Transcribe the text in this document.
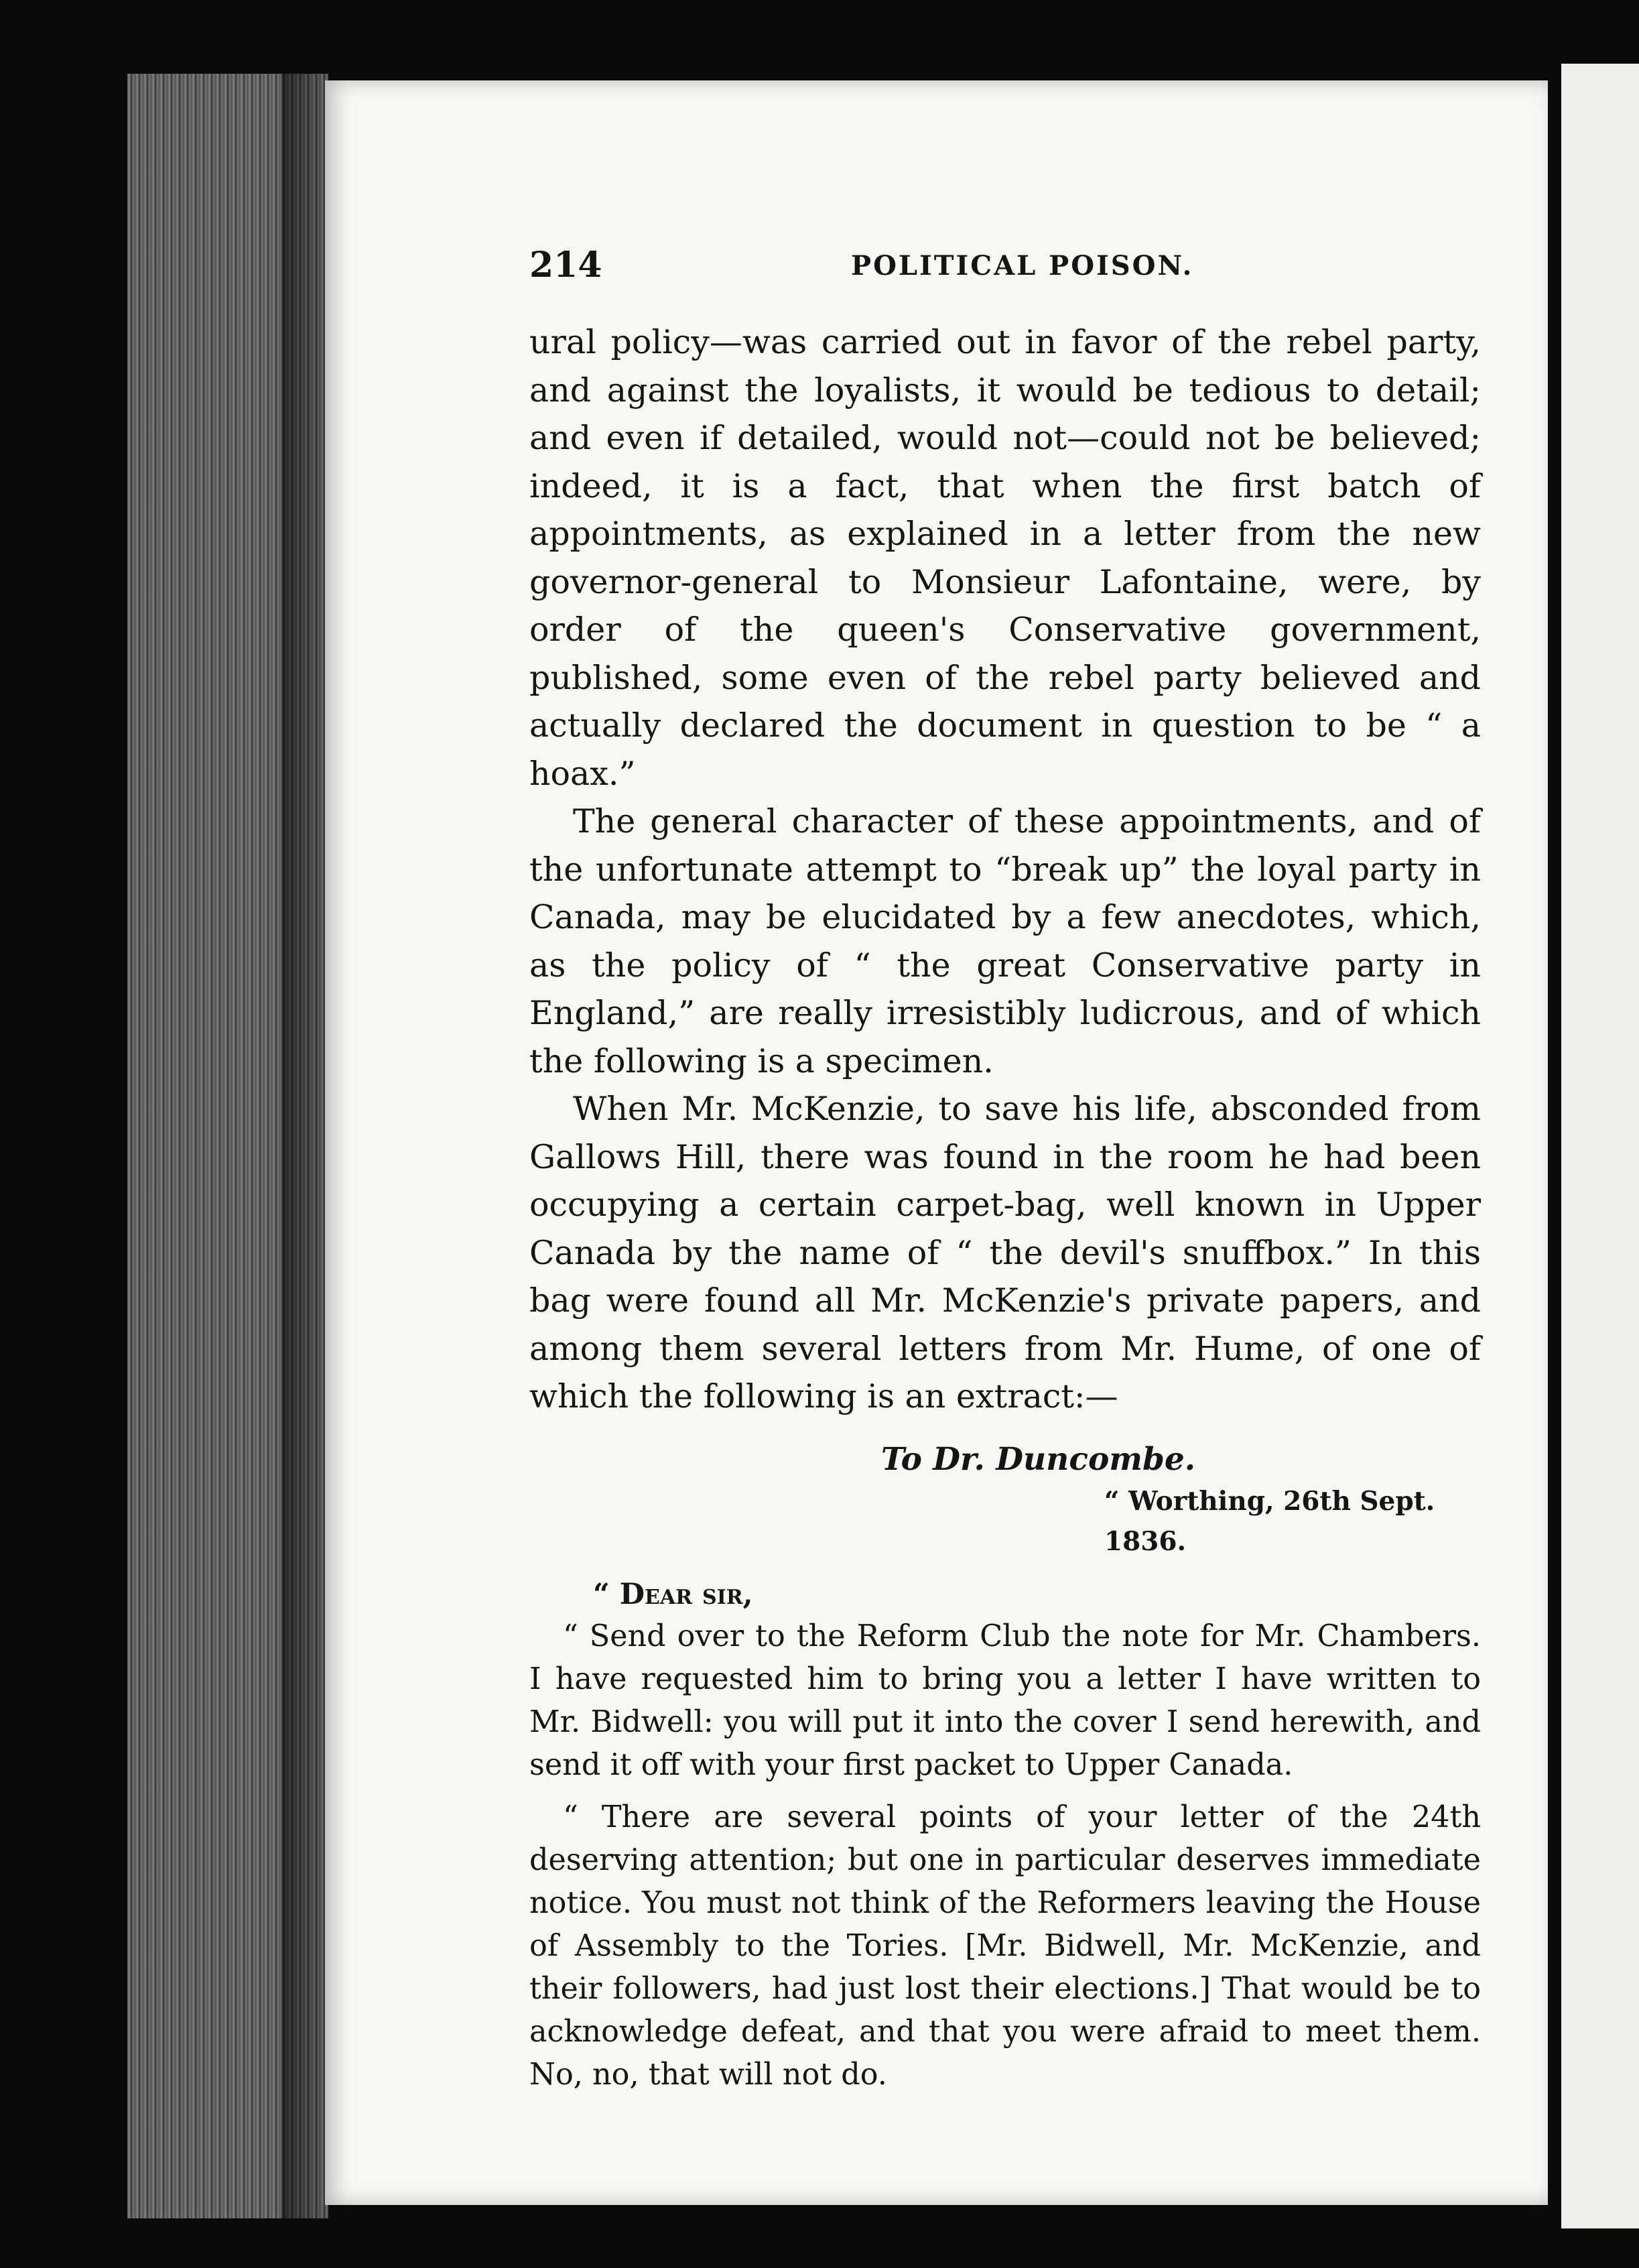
214	POLITICAL POISON.

ural policy—was carried out in favor of the rebel party, and against the loyalists, it would be tedious to detail; and even if detailed, would not—could not be believed; indeed, it is a fact, that when the first batch of appointments, as explained in a letter from the new governor-general to Monsieur Lafontaine, were, by order of the queen's Conservative government, published, some even of the rebel party believed and actually declared the document in question to be “ a hoax.”

The general character of these appointments, and of the unfortunate attempt to “break up” the loyal party in Canada, may be elucidated by a few anecdotes, which, as the policy of “ the great Conservative party in England,” are really irresistibly ludicrous, and of which the following is a specimen.

When Mr. McKenzie, to save his life, absconded from Gallows Hill, there was found in the room he had been occupying a certain carpet-bag, well known in Upper Canada by the name of “ the devil's snuffbox.” In this bag were found all Mr. McKenzie's private papers, and among them several letters from Mr. Hume, of one of which the following is an extract:—

To Dr. Duncombe.
“ Worthing, 26th Sept. 1836.
“ Dear sir,

“ Send over to the Reform Club the note for Mr. Chambers. I have requested him to bring you a letter I have written to Mr. Bidwell: you will put it into the cover I send herewith, and send it off with your first packet to Upper Canada.

“ There are several points of your letter of the 24th deserving attention; but one in particular deserves immediate notice. You must not think of the Reformers leaving the House of Assembly to the Tories. [Mr. Bidwell, Mr. McKenzie, and their followers, had just lost their elections.] That would be to acknowledge defeat, and that you were afraid to meet them. No, no, that will not do.
